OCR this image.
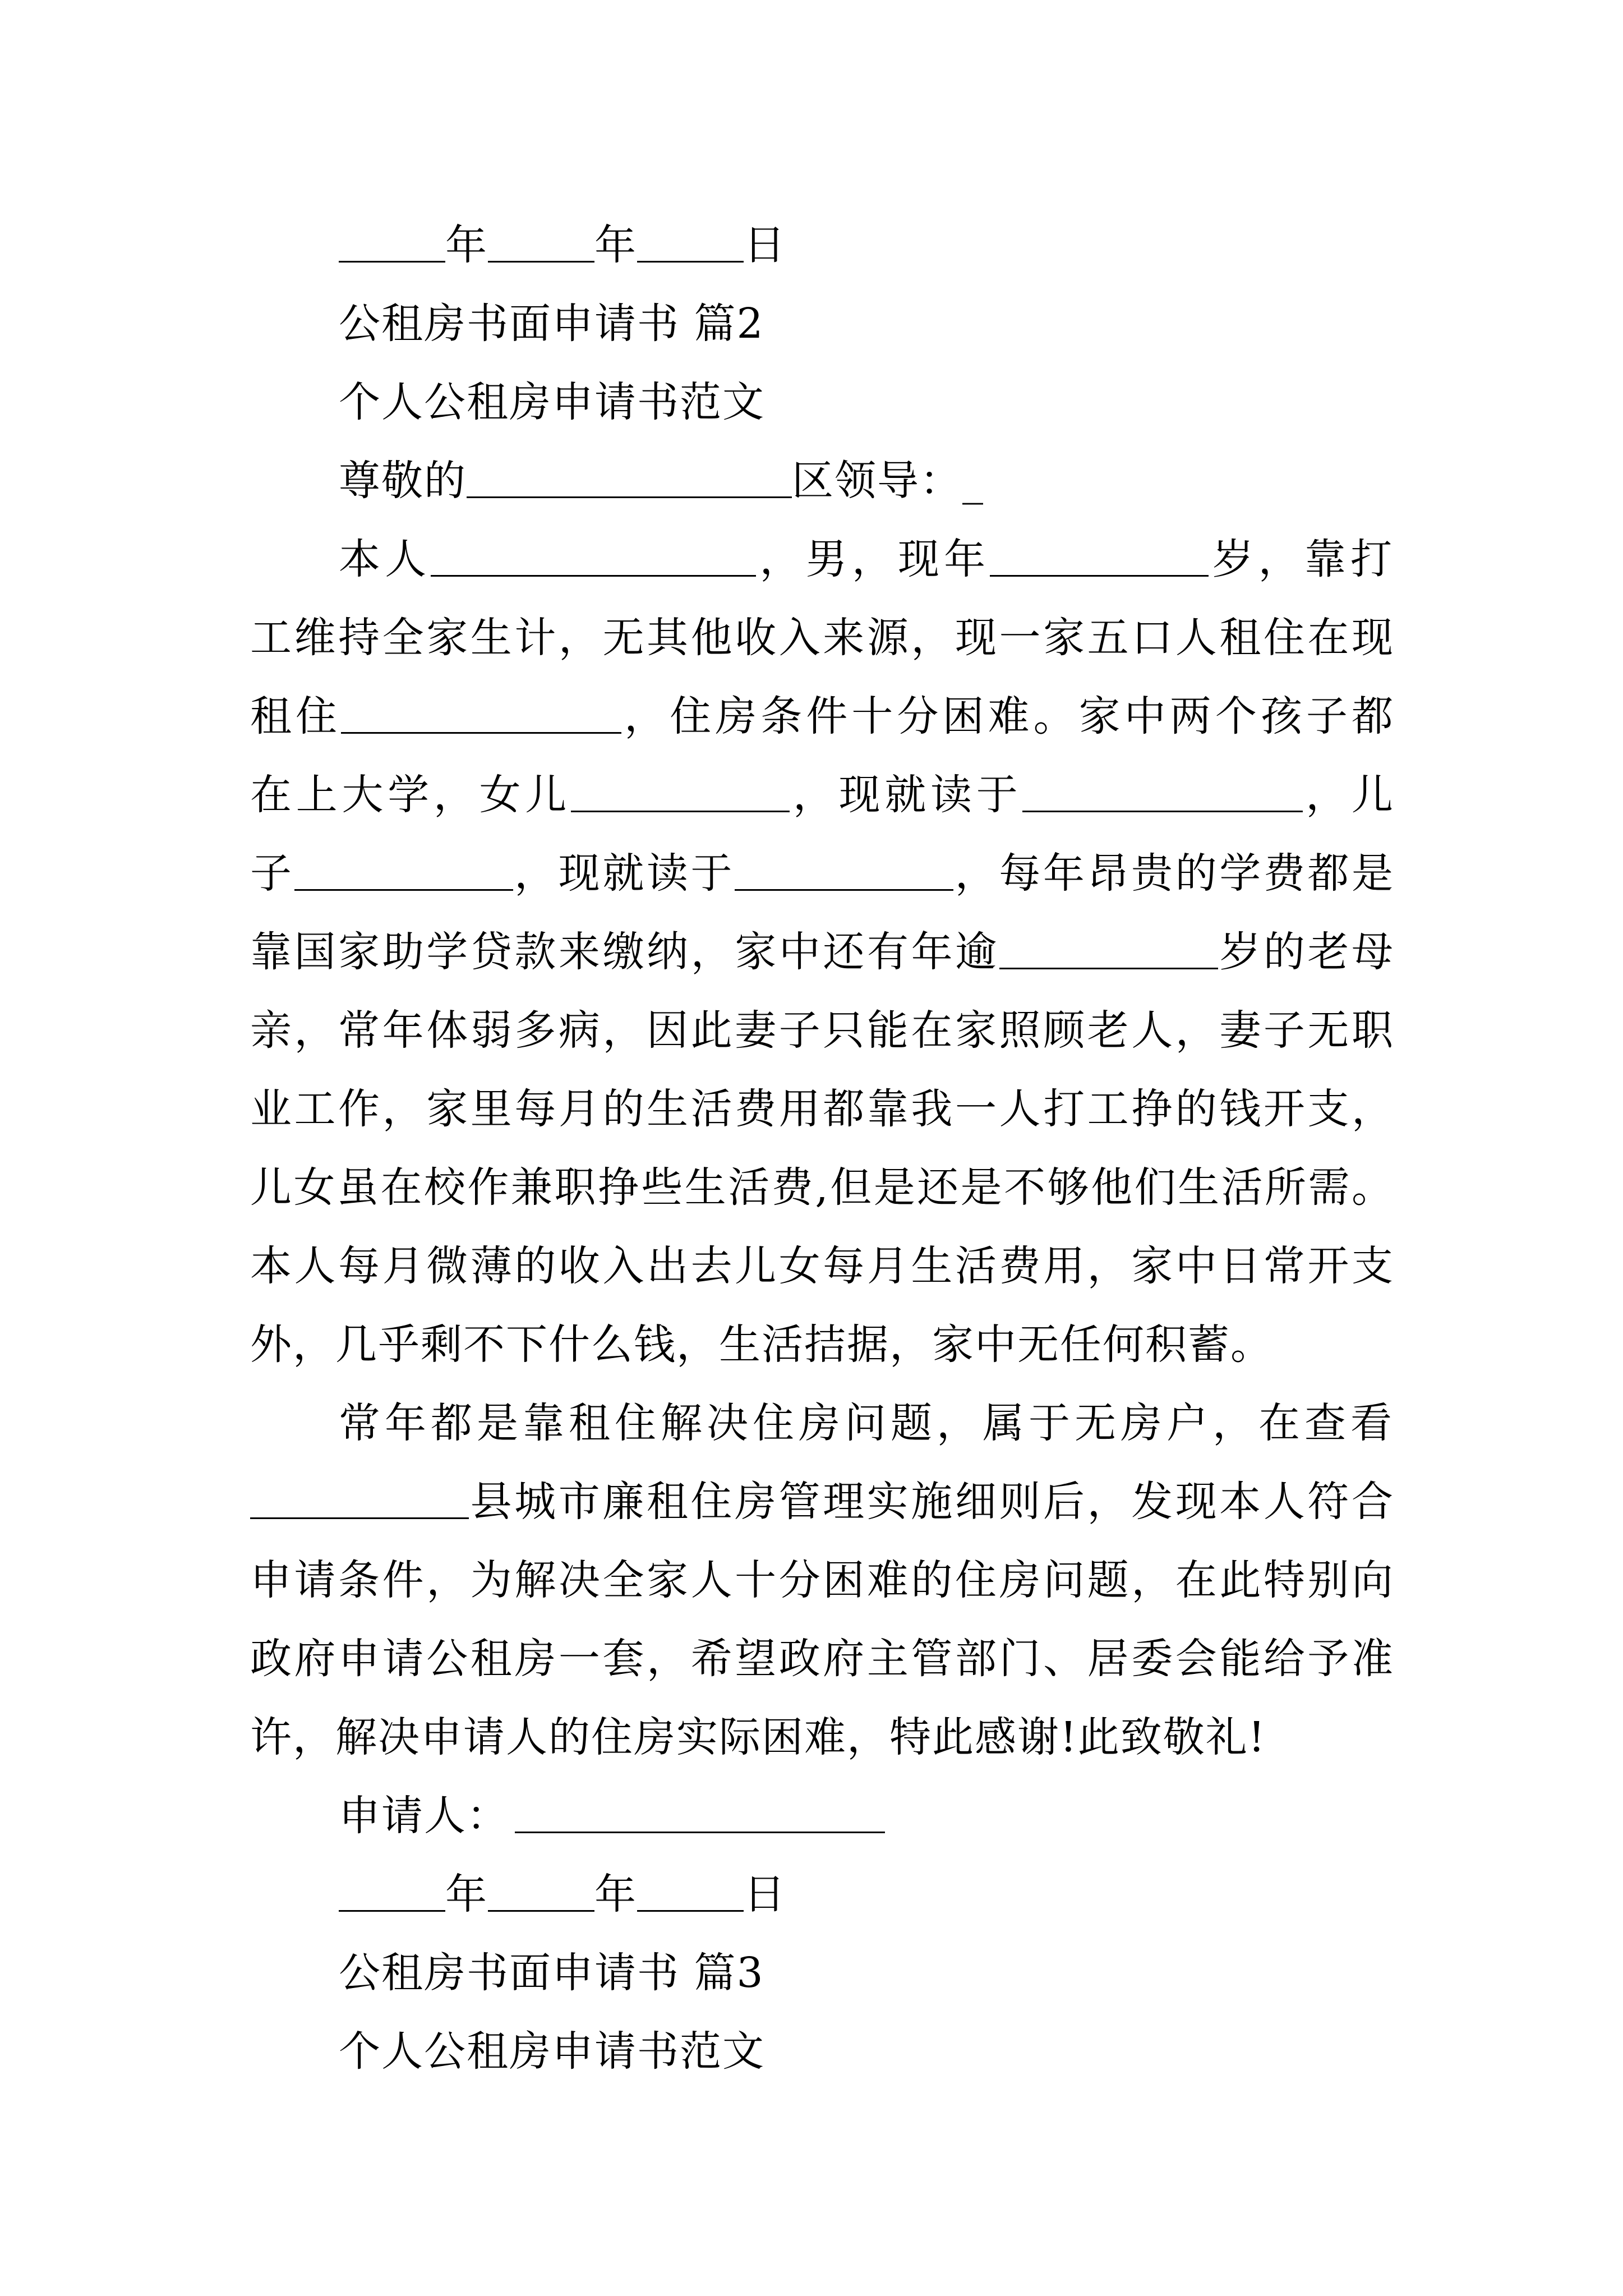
年	年	日
公租房书面申请书 篇2
个人公租房申请书范文
尊敬的	区领导：_
本人	，男，现年	岁，靠打
工维持全家生计，无其他收入来源，现一家五口人租住在现
租住	，住房条件十分困难。家中两个孩子都
在上大学，女儿	，现就读于	，儿
子	，现就读于	，每年昂贵的学费都是
靠国家助学贷款来缴纳，家中还有年逾	岁的老母
亲，常年体弱多病，因此妻子只能在家照顾老人，妻子无职
业工作，家里每月的生活费用都靠我一人打工挣的钱开支，
儿女虽在校作兼职挣些生活费,但是还是不够他们生活所需。
本人每月微薄的收入出去儿女每月生活费用，家中日常开支
外，几乎剩不下什么钱，生活拮据，家中无任何积蓄。
常年都是靠租住解决住房问题，属于无房户，在查看
县城市廉租住房管理实施细则后，发现本人符合
申请条件，为解决全家人十分困难的住房问题，在此特别向
政府申请公租房一套，希望政府主管部门、居委会能给予准
许，解决申请人的住房实际困难，特此感谢!此致敬礼!
申请人：
年	年	日
公租房书面申请书 篇3
个人公租房申请书范文
